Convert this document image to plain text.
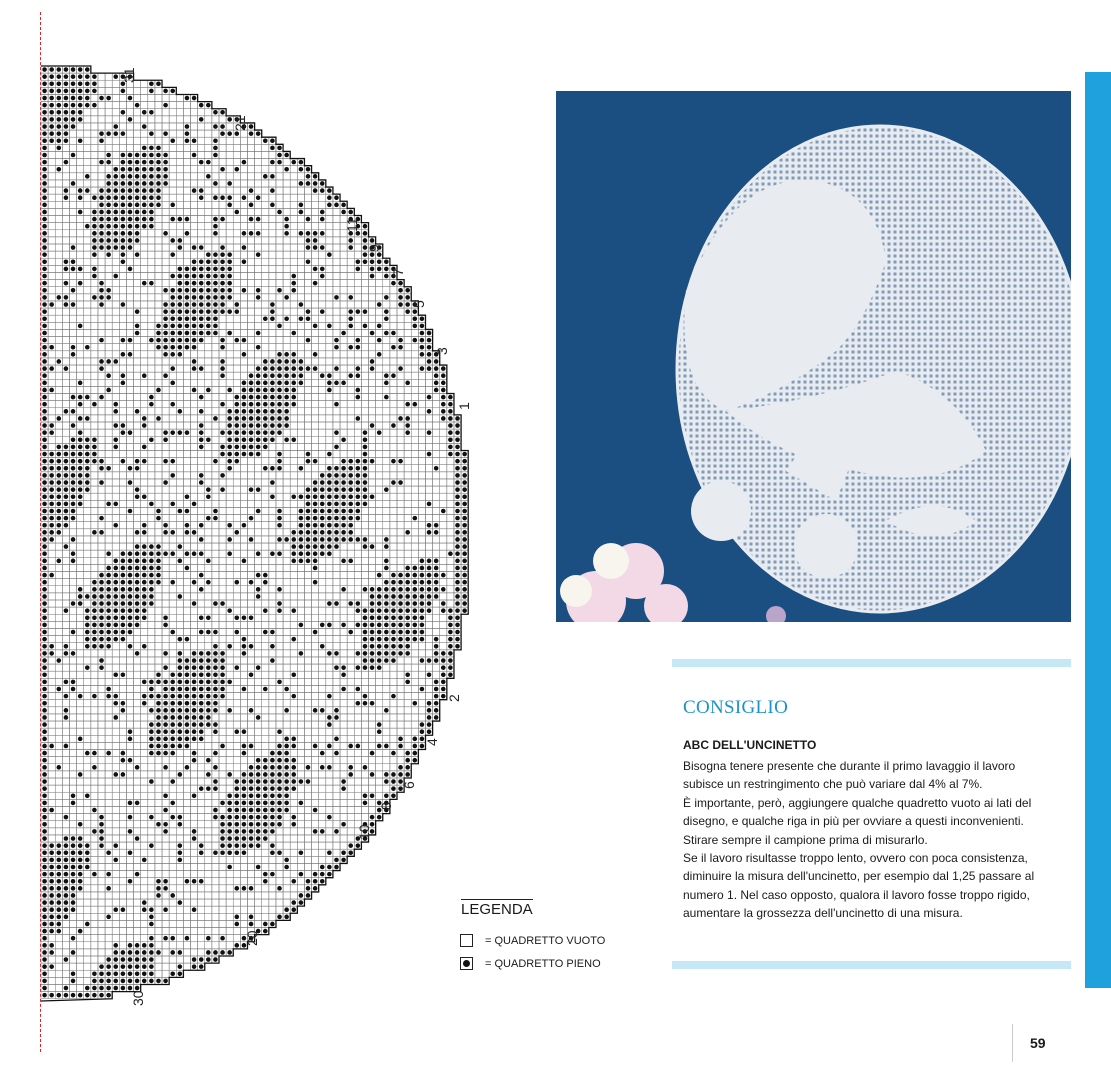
31
21
11
9
7
5
3
1
2
4
6
8
10
20
30
CONSIGLIO
ABC DELL'UNCINETTO
Bisogna tenere presente che durante il primo lavaggio il lavoro
subisce un restringimento che può variare dal 4% al 7%.
È importante, però, aggiungere qualche quadretto vuoto ai lati del
disegno, e qualche riga in più per ovviare a questi inconvenienti.
Stirare sempre il campione prima di misurarlo.
Se il lavoro risultasse troppo lento, ovvero con poca consistenza,
diminuire la misura dell'uncinetto, per esempio dal 1,25 passare al
numero 1. Nel caso opposto, qualora il lavoro fosse troppo rigido,
aumentare la grossezza dell'uncinetto di una misura.
LEGENDA
= QUADRETTO VUOTO
= QUADRETTO PIENO
59
